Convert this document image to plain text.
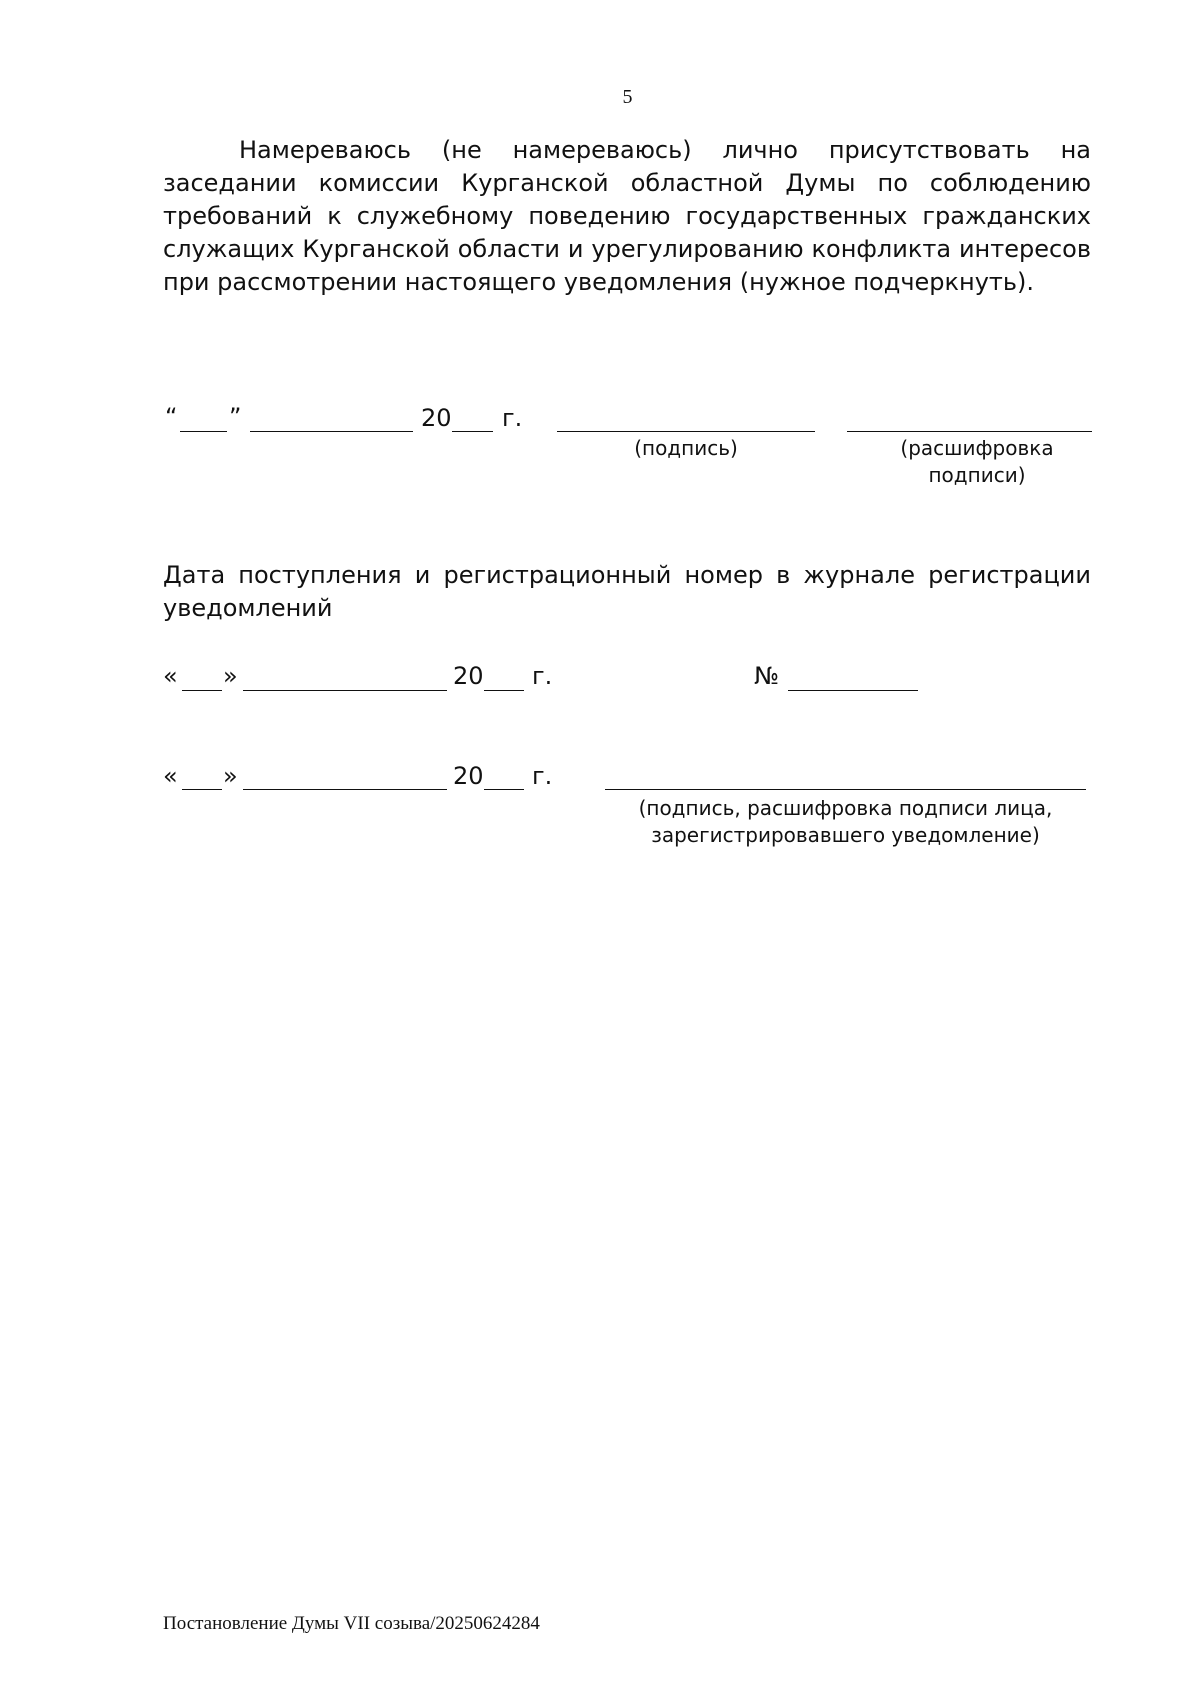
5

Намереваюсь (не намереваюсь) лично присутствовать на заседании комиссии Курганской областной Думы по соблюдению требований к служебному поведению государственных гражданских служащих Курганской области и урегулированию конфликта интересов при рассмотрении настоящего уведомления (нужное подчеркнуть).

“ ”	20 г.
(подпись)	(расшифровка
подписи)

Дата поступления и регистрационный номер в журнале регистрации уведомлений

« »	20 г.	№
« »	20 г.
(подпись, расшифровка подписи лица,
зарегистрировавшего уведомление)
Постановление Думы VII созыва/20250624284
